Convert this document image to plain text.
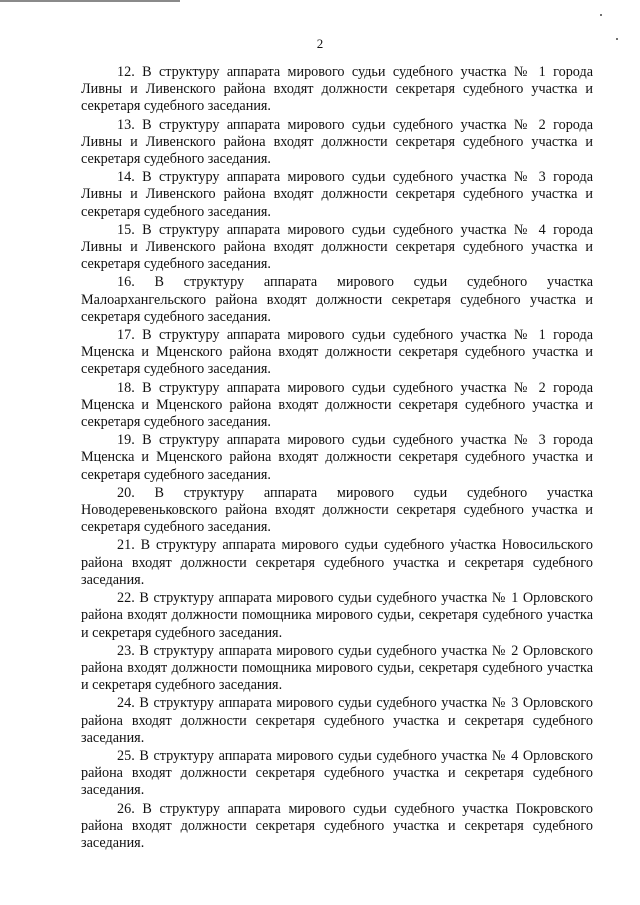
2

12. В структуру аппарата мирового судьи судебного участка № 1 города Ливны и Ливенского района входят должности секретаря судебного участка и секретаря судебного заседания.

13. В структуру аппарата мирового судьи судебного участка № 2 города Ливны и Ливенского района входят должности секретаря судебного участка и секретаря судебного заседания.

14. В структуру аппарата мирового судьи судебного участка № 3 города Ливны и Ливенского района входят должности секретаря судебного участка и секретаря судебного заседания.

15. В структуру аппарата мирового судьи судебного участка № 4 города Ливны и Ливенского района входят должности секретаря судебного участка и секретаря судебного заседания.

16. В структуру аппарата мирового судьи судебного участка Малоархангельского района входят должности секретаря судебного участка и секретаря судебного заседания.

17. В структуру аппарата мирового судьи судебного участка № 1 города Мценска и Мценского района входят должности секретаря судебного участка и секретаря судебного заседания.

18. В структуру аппарата мирового судьи судебного участка № 2 города Мценска и Мценского района входят должности секретаря судебного участка и секретаря судебного заседания.

19. В структуру аппарата мирового судьи судебного участка № 3 города Мценска и Мценского района входят должности секретаря судебного участка и секретаря судебного заседания.

20. В структуру аппарата мирового судьи судебного участка Новодеревеньковского района входят должности секретаря судебного участка и секретаря судебного заседания.

21. В структуру аппарата мирового судьи судебного участка Новосильского района входят должности секретаря судебного участка и секретаря судебного заседания.

22. В структуру аппарата мирового судьи судебного участка № 1 Орловского района входят должности помощника мирового судьи, секретаря судебного участка и секретаря судебного заседания.

23. В структуру аппарата мирового судьи судебного участка № 2 Орловского района входят должности помощника мирового судьи, секретаря судебного участка и секретаря судебного заседания.

24. В структуру аппарата мирового судьи судебного участка № 3 Орловского района входят должности секретаря судебного участка и секретаря судебного заседания.

25. В структуру аппарата мирового судьи судебного участка № 4 Орловского района входят должности секретаря судебного участка и секретаря судебного заседания.

26. В структуру аппарата мирового судьи судебного участка Покровского района входят должности секретаря судебного участка и секретаря судебного заседания.
